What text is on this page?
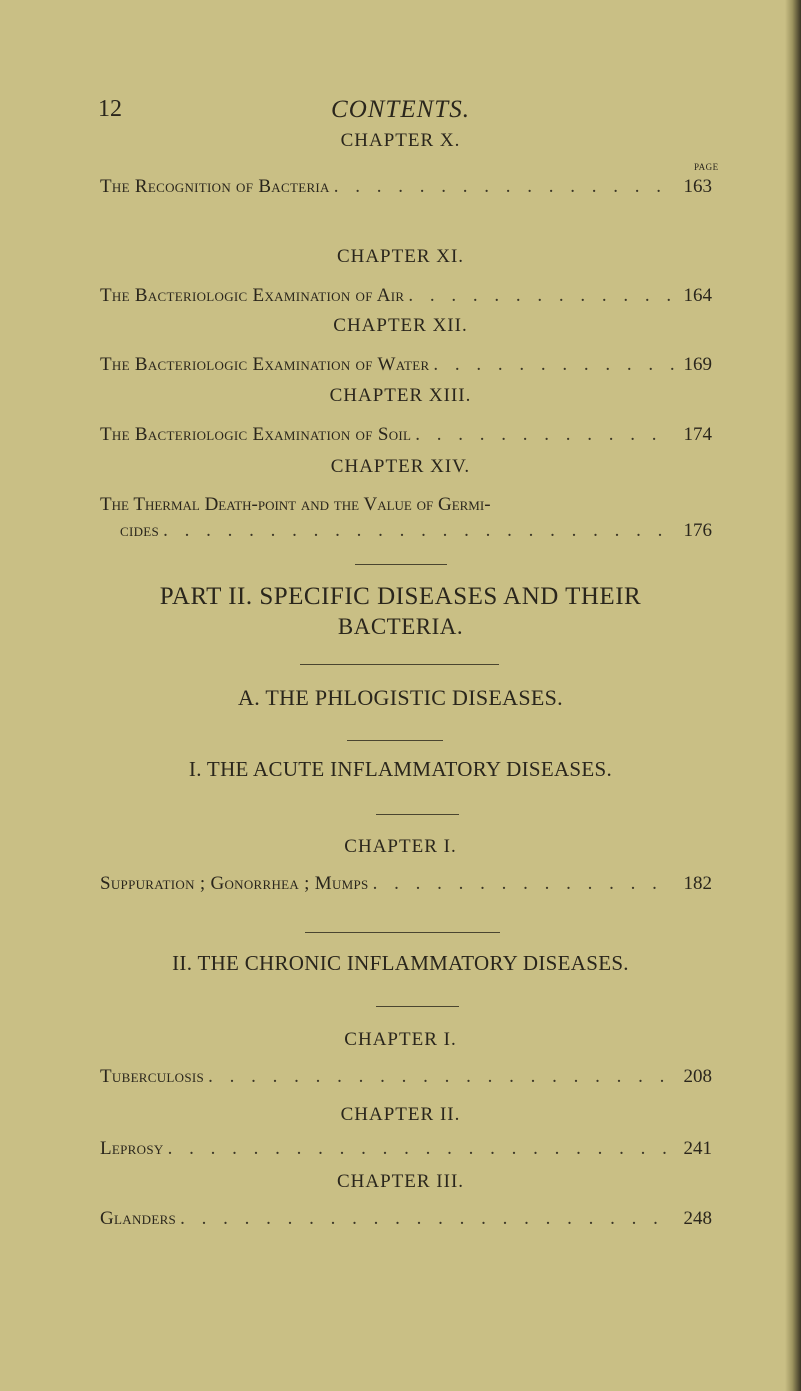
12	CONTENTS.
CHAPTER X.
PAGE
The Recognition of Bacteria . . .	163
CHAPTER XI.
The Bacteriologic Examination of Air . . .	164
CHAPTER XII.
The Bacteriologic Examination of Water . . .	169
CHAPTER XIII.
The Bacteriologic Examination of Soil . . .	174
CHAPTER XIV.
The Thermal Death-point and the Value of Germi-
cides . . .	176
PART II. SPECIFIC DISEASES AND THEIR
BACTERIA.
A. THE PHLOGISTIC DISEASES.
I. THE ACUTE INFLAMMATORY DISEASES.
CHAPTER I.
Suppuration ; Gonorrhea ; Mumps . . .	182
II. THE CHRONIC INFLAMMATORY DISEASES.
CHAPTER I.
Tuberculosis . . .	208
CHAPTER II.
Leprosy . . .	241
CHAPTER III.
Glanders . . .	248
